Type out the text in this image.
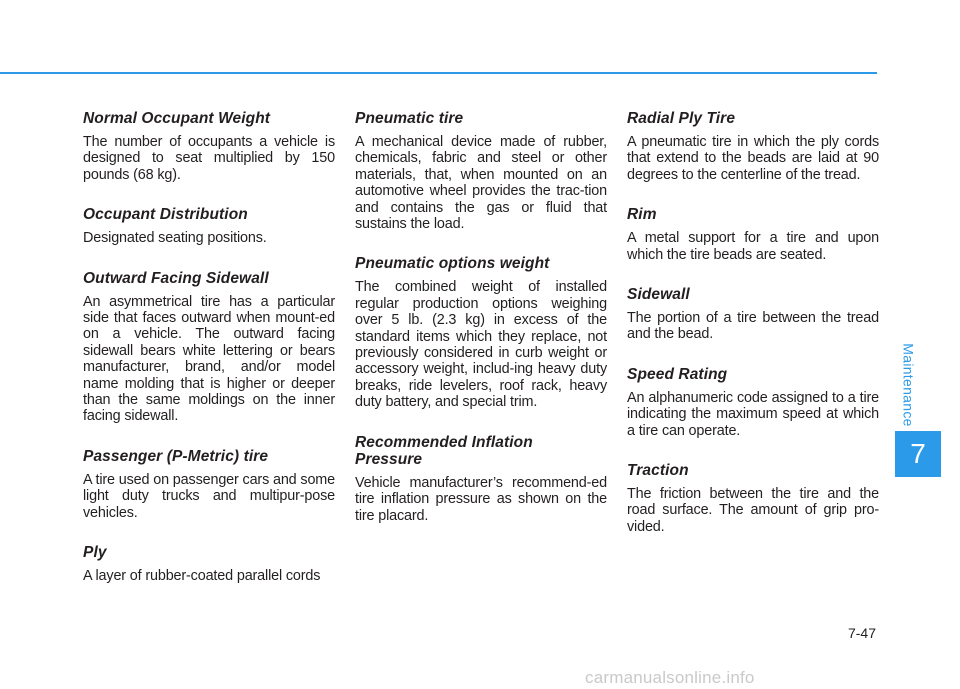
Normal Occupant Weight

The number of occupants a vehicle is designed to seat multiplied by 150 pounds (68 kg).

Occupant Distribution

Designated seating positions.

Outward Facing Sidewall

An asymmetrical tire has a particular side that faces outward when mount-ed on a vehicle. The outward facing sidewall bears white lettering or bears manufacturer, brand, and/or model name molding that is higher or deeper than the same moldings on the inner facing sidewall.

Passenger (P-Metric) tire

A tire used on passenger cars and some light duty trucks and multipur-pose vehicles.

Ply

A layer of rubber-coated parallel cords

Pneumatic tire

A mechanical device made of rubber, chemicals, fabric and steel or other materials, that, when mounted on an automotive wheel provides the trac-tion and contains the gas or fluid that sustains the load.

Pneumatic options weight

The combined weight of installed regular production options weighing over 5 lb. (2.3 kg) in excess of the standard items which they replace, not previously considered in curb weight or accessory weight, includ-ing heavy duty breaks, ride levelers, roof rack, heavy duty battery, and special trim.

Recommended Inflation Pressure

Vehicle manufacturer’s recommend-ed tire inflation pressure as shown on the tire placard.

Radial Ply Tire

A pneumatic tire in which the ply cords that extend to the beads are laid at 90 degrees to the centerline of the tread.

Rim

A metal support for a tire and upon which the tire beads are seated.

Sidewall

The portion of a tire between the tread and the bead.

Speed Rating

An alphanumeric code assigned to a tire indicating the maximum speed at which a tire can operate.

Traction

The friction between the tire and the road surface. The amount of grip pro-vided.

Maintenance
7
7-47
carmanualsonline.info
